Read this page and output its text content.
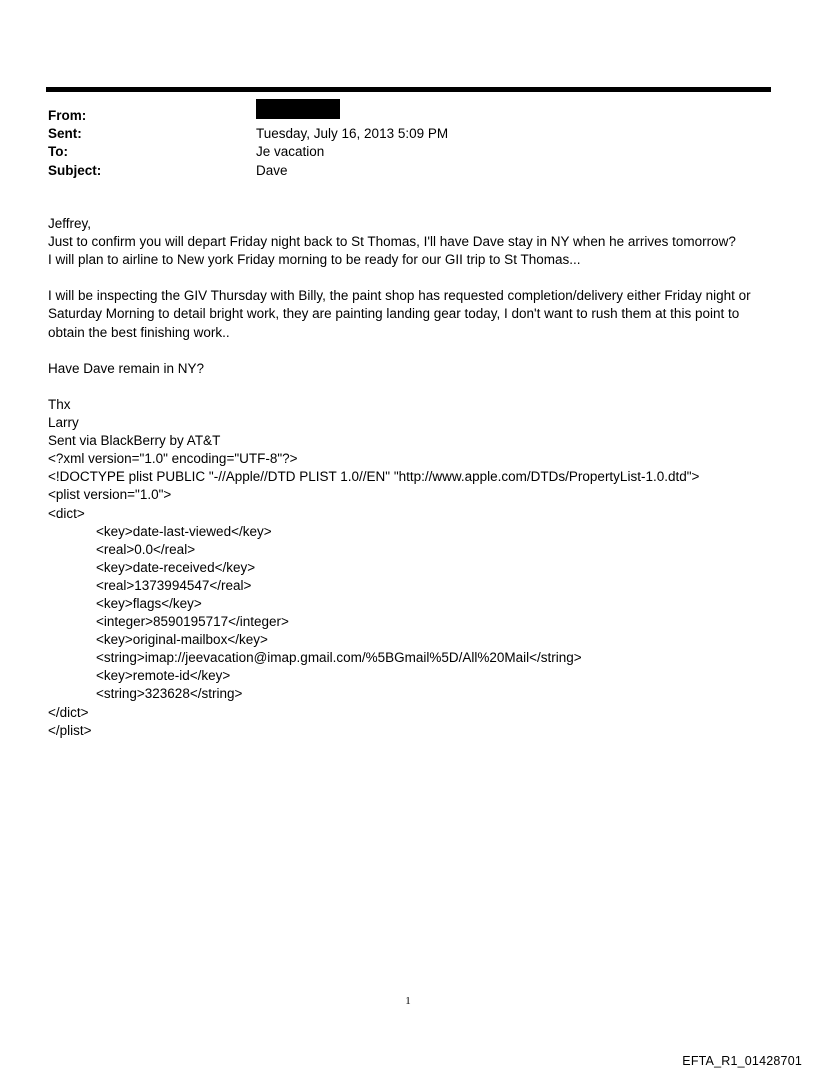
From:
Sent:	Tuesday, July 16, 2013 5:09 PM
To:	Je vacation
Subject:	Dave
Jeffrey,
Just to confirm you will depart Friday night back to St Thomas, I'll have Dave stay in NY when he arrives tomorrow?
I will plan to airline to New york Friday morning to be ready for our GII trip to St Thomas...
I will be inspecting the GIV Thursday with Billy, the paint shop has requested completion/delivery either Friday night or
Saturday Morning to detail bright work, they are painting landing gear today, I don't want to rush them at this point to
obtain the best finishing work..
Have Dave remain in NY?
Thx
Larry
Sent via BlackBerry by AT&T
<?xml version="1.0" encoding="UTF-8"?>
<!DOCTYPE plist PUBLIC "-//Apple//DTD PLIST 1.0//EN" "http://www.apple.com/DTDs/PropertyList-1.0.dtd">
<plist version="1.0">
<dict>
<key>date-last-viewed</key>
<real>0.0</real>
<key>date-received</key>
<real>1373994547</real>
<key>flags</key>
<integer>8590195717</integer>
<key>original-mailbox</key>
<string>imap://jeevacation@imap.gmail.com/%5BGmail%5D/All%20Mail</string>
<key>remote-id</key>
<string>323628</string>
</dict>
</plist>
1
EFTA_R1_01428701
